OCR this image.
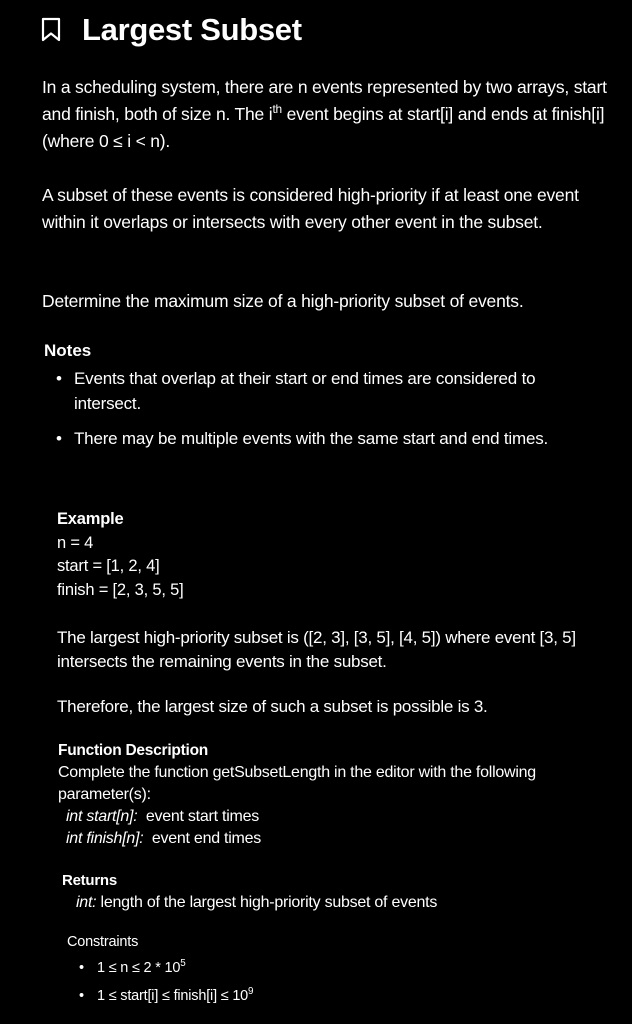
Largest Subset
In a scheduling system, there are n events represented by two arrays, start and finish, both of size n. The $i^{th}$ event begins at start[i] and ends at finish[i] (where 0 ≤ i < n).
A subset of these events is considered high-priority if at least one event within it overlaps or intersects with every other event in the subset.
Determine the maximum size of a high-priority subset of events.
Notes
• Events that overlap at their start or end times are considered to intersect.
• There may be multiple events with the same start and end times.
Example
n = 4
start = [1, 2, 4]
finish = [2, 3, 5, 5]
The largest high-priority subset is ([2, 3], [3, 5], [4, 5]) where event [3, 5] intersects the remaining events in the subset.
Therefore, the largest size of such a subset is possible is 3.
Function Description
Complete the function getSubsetLength in the editor with the following parameter(s):
int start[n]: event start times
int finish[n]: event end times
Returns
int: length of the largest high-priority subset of events
Constraints
• $1 \le n \le 2 * 10^5$
• 1 ≤ start[i] ≤ finish[i] ≤ $10^9$
